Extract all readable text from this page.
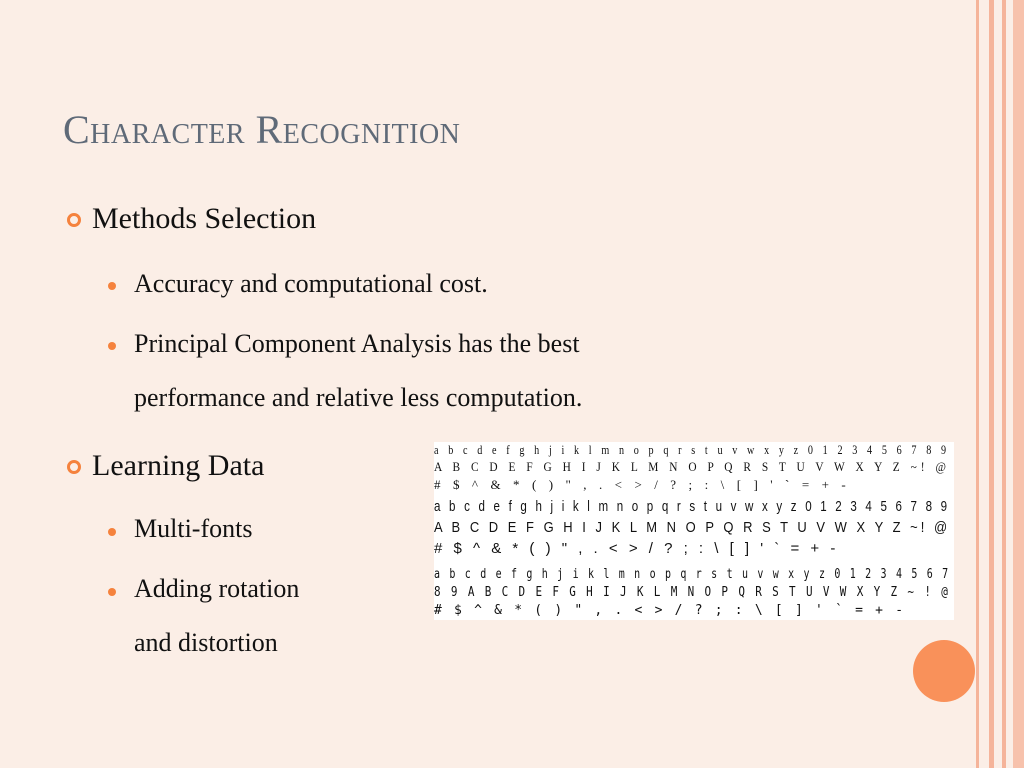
Character Recognition
Methods Selection
Accuracy and computational cost.
Principal Component Analysis has the best
performance and relative less computation.
Learning Data
Multi-fonts
Adding rotation
and distortion
a b c d e f g h j i k l m n o p q r s t u v w x y z 0 1 2 3 4 5 6 7 8 9
A B C D E F G H I J K L M N O P Q R S T U V W X Y Z ~! @
# $ ^ & * ( ) " , . < > / ? ; : \ [ ] ' ` = + -
a b c d e f g h j i k l m n o p q r s t u v w x y z 0 1 2 3 4 5 6 7 8 9
A B C D E F G H I J K L M N O P Q R S T U V W X Y Z ~! @
# $ ^ & * ( ) " , . < > / ? ; : \ [ ] ' ` = + -
a b c d e f g h j i k l m n o p q r s t u v w x y z 0 1 2 3 4 5 6 7
8 9 A B C D E F G H I J K L M N O P Q R S T U V W X Y Z ~ ! @
# $ ^ & * ( ) " , . < > / ? ; : \ [ ] ' ` = + -
